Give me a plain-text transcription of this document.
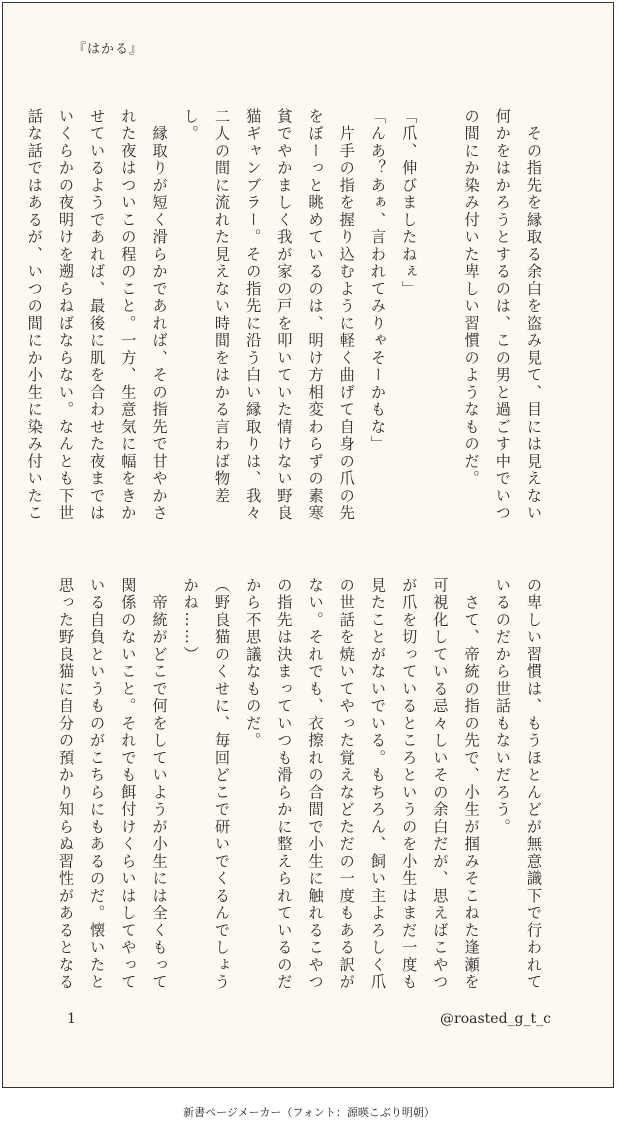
『はかる』

　その指先を縁取る余白を盗み見て、目には見えない何かをはかろうとするのは、この男と過ごす中でいつの間にか染み付いた卑しい習慣のようなものだ。

「爪、伸びましたねぇ」

「んあ？あぁ、言われてみりゃそーかもな」

　片手の指を握り込むように軽く曲げて自身の爪の先をぼーっと眺めているのは、明け方相変わらずの素寒貧でやかましく我が家の戸を叩いていた情けない野良猫ギャンブラー。その指先に沿う白い縁取りは、我々二人の間に流れた見えない時間をはかる言わば物差し。

　縁取りが短く滑らかであれば、その指先で甘やかされた夜はついこの程のこと。一方、生意気に幅をきかせているようであれば、最後に肌を合わせた夜まではいくらかの夜明けを遡らねばならない。なんとも下世話な話ではあるが、いつの間にか小生に染み付いたこ

の卑しい習慣は、もうほとんどが無意識下で行われているのだから世話もないだろう。

　さて、帝統の指の先で、小生が掴みそこねた逢瀬を可視化している忌々しいその余白だが、思えばこやつが爪を切っているところというのを小生はまだ一度も見たことがないでいる。もちろん、飼い主よろしく爪の世話を焼いてやった覚えなどただの一度もある訳がない。それでも、衣擦れの合間で小生に触れるこやつの指先は決まっていつも滑らかに整えられているのだから不思議なものだ。

（野良猫のくせに、毎回どこで研いでくるんでしょうかね……）

　帝統がどこで何をしていようが小生には全くもって関係のないこと。それでも餌付けくらいはしてやっている自負というものがこちらにもあるのだ。懐いたと思った野良猫に自分の預かり知らぬ習性があるとなる

1	@roasted_g_t_c
新書ページメーカー（フォント：源暎こぶり明朝）
